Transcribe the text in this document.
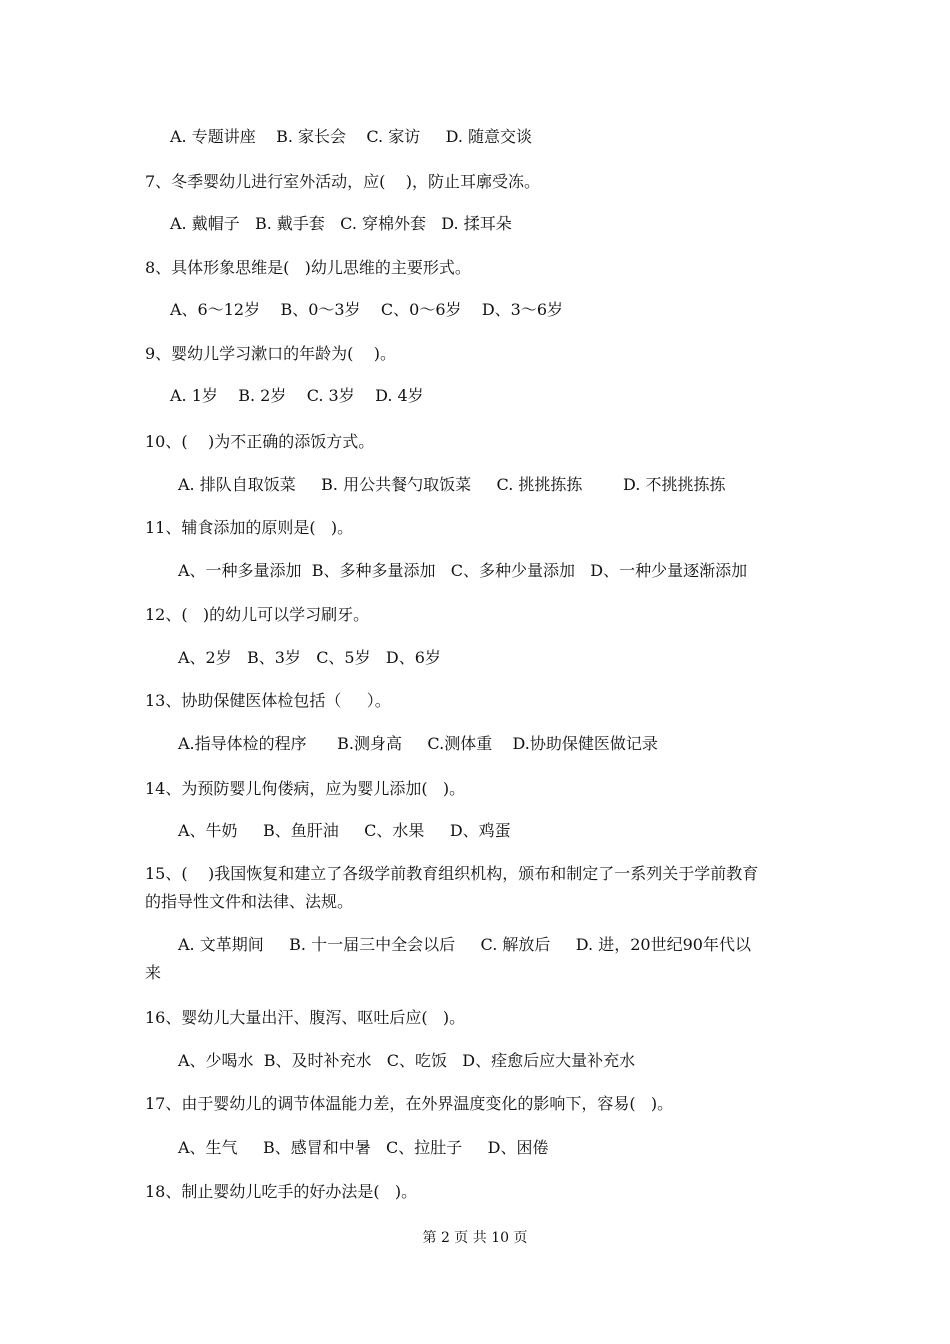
A. 专题讲座    B. 家长会    C. 家访     D. 随意交谈
7、冬季婴幼儿进行室外活动，应(    )，防止耳廓受冻。
A. 戴帽子   B. 戴手套   C. 穿棉外套   D. 揉耳朵
8、具体形象思维是(   )幼儿思维的主要形式。
A、6～12岁    B、0～3岁    C、0～6岁    D、3～6岁
9、婴幼儿学习漱口的年龄为(    )。
A. 1岁    B. 2岁    C. 3岁    D. 4岁
10、(    )为不正确的添饭方式。
A. 排队自取饭菜     B. 用公共餐勺取饭菜     C. 挑挑拣拣        D. 不挑挑拣拣
11、辅食添加的原则是(   )。
A、一种多量添加  B、多种多量添加   C、多种少量添加   D、一种少量逐渐添加
12、(   )的幼儿可以学习刷牙。
A、2岁   B、3岁   C、5岁   D、6岁
13、协助保健医体检包括（     ）。
A.指导体检的程序      B.测身高     C.测体重    D.协助保健医做记录
14、为预防婴儿佝偻病，应为婴儿添加(   )。
A、牛奶     B、鱼肝油     C、水果     D、鸡蛋
15、(    )我国恢复和建立了各级学前教育组织机构，颁布和制定了一系列关于学前教育
的指导性文件和法律、法规。
A. 文革期间     B. 十一届三中全会以后     C. 解放后     D. 进，20世纪90年代以
来
16、婴幼儿大量出汗、腹泻、呕吐后应(   )。
A、少喝水  B、及时补充水   C、吃饭   D、痊愈后应大量补充水
17、由于婴幼儿的调节体温能力差，在外界温度变化的影响下，容易(   )。
A、生气     B、感冒和中暑   C、拉肚子     D、困倦
18、制止婴幼儿吃手的好办法是(   )。
第 2 页 共 10 页
